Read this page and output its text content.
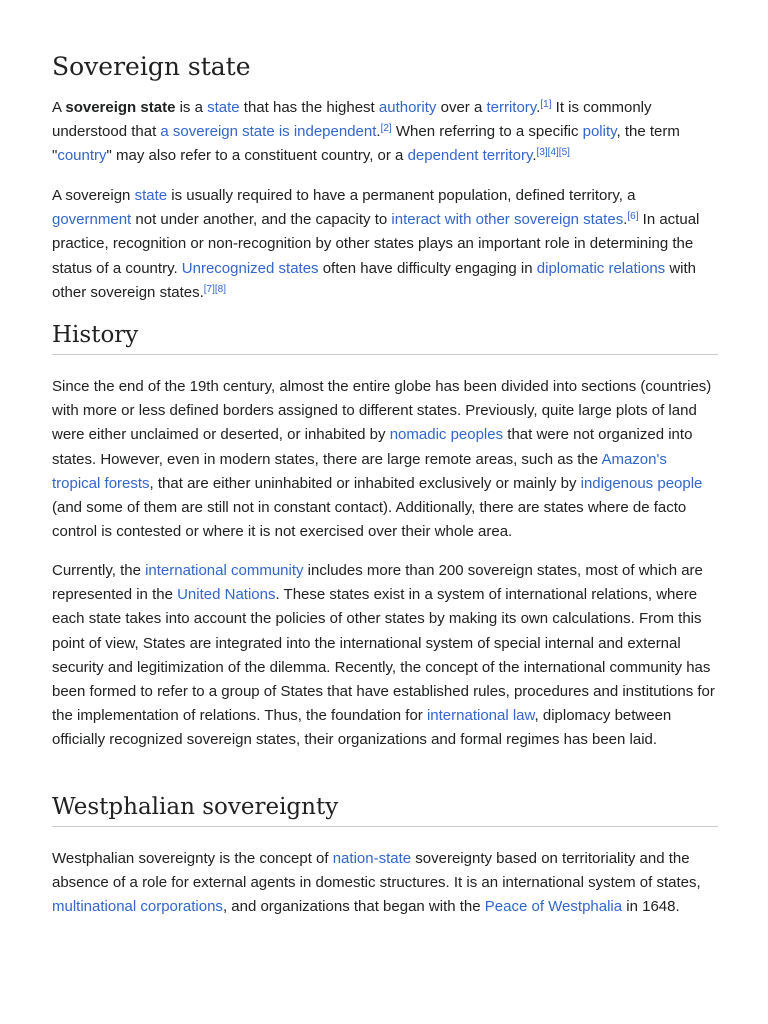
Sovereign state

A sovereign state is a state that has the highest authority over a territory.[1] It is commonly understood that a sovereign state is independent.[2] When referring to a specific polity, the term "country" may also refer to a constituent country, or a dependent territory.[3][4][5]

A sovereign state is usually required to have a permanent population, defined territory, a government not under another, and the capacity to interact with other sovereign states.[6] In actual practice, recognition or non-recognition by other states plays an important role in determining the status of a country. Unrecognized states often have difficulty engaging in diplomatic relations with other sovereign states.[7][8]

History

Since the end of the 19th century, almost the entire globe has been divided into sections (countries) with more or less defined borders assigned to different states. Previously, quite large plots of land were either unclaimed or deserted, or inhabited by nomadic peoples that were not organized into states. However, even in modern states, there are large remote areas, such as the Amazon's tropical forests, that are either uninhabited or inhabited exclusively or mainly by indigenous people (and some of them are still not in constant contact). Additionally, there are states where de facto control is contested or where it is not exercised over their whole area.

Currently, the international community includes more than 200 sovereign states, most of which are represented in the United Nations. These states exist in a system of international relations, where each state takes into account the policies of other states by making its own calculations. From this point of view, States are integrated into the international system of special internal and external security and legitimization of the dilemma. Recently, the concept of the international community has been formed to refer to a group of States that have established rules, procedures and institutions for the implementation of relations. Thus, the foundation for international law, diplomacy between officially recognized sovereign states, their organizations and formal regimes has been laid.

Westphalian sovereignty

Westphalian sovereignty is the concept of nation-state sovereignty based on territoriality and the absence of a role for external agents in domestic structures. It is an international system of states, multinational corporations, and organizations that began with the Peace of Westphalia in 1648.
